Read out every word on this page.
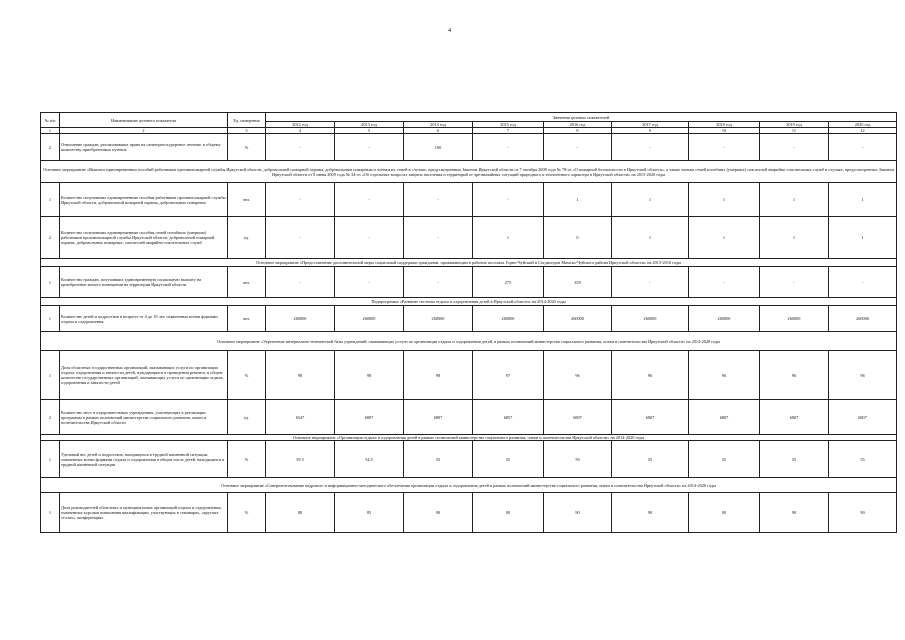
4
№ п/п	Наименование целевого показателя	Ед. измерения	Значения целевых показателей								
			2012 год	2013 год	2014 год	2015 год	2016 год	2017 год	2018 год	2019 год	2020 год
1	2	3	4	5	6	7	8	9	10	11	12
2	Отношение граждан, реализовавших право на санаторно-курортное лечение, к общему количеству приобретенных путевок	%	-	-	100	-	-	-	-	-	-
Основное мероприятие «Выплата единовременных пособий работникам противопожарной службы Иркутской области, добровольной пожарной охраны, добровольным пожарным и членам их семей в случаях, предусмотренных Законом Иркутской области от 7 октября 2008 года № 78-оз «О пожарной безопасности в Иркутской области», а также членам семей погибших (умерших) спасателей аварийно-спасательных служб в случаях, предусмотренных Законом Иркутской области от 8 июня 2009 года № 34-оз «Об отдельных вопросах защиты населения и территорий от чрезвычайных ситуаций природного и техногенного характера в Иркутской области» на 2015-2020 годы											
1	Количество получивших единовременные пособия работников противопожарной службы Иркутской области, добровольной пожарной охраны, добровольных пожарных	чел.	-	-	-	-	1	1	1	1	1
2	Количество получивших единовременные пособия семей погибших (умерших) работников противопожарной службы Иркутской области, добровольной пожарной охраны, добровольных пожарных, спасателей аварийно-спасательных служб	ед.	-	-	-	1	0	1	1	1	1
Основное мероприятие «Предоставление дополнительной меры социальной поддержки гражданам, проживающим в рабочих поселках Горно-Чуйский и Согдиондон Мамско-Чуйского района Иркутской области» на 2015-2016 годы											
1	Количество граждан, получивших единовременную социальную выплату на приобретение жилого помещения на территории Иркутской области	чел.	-	-	-	275	359	-	-	-	-
Подпрограмма «Развитие системы отдыха и оздоровления детей в Иркутской области» на 2014-2020 годы											
1	Количество детей и подростков в возрасте от 4 до 18 лет, охваченных всеми формами отдыха и оздоровления	чел.	260000	260000	260000	260000	260000	260000	260000	260000	260000
Основное мероприятие «Укрепление материально-технической базы учреждений, оказывающих услуги по организации отдыха и оздоровления детей, в рамках полномочий министерства социального развития, опеки и попечительства Иркутской области» на 2014-2020 годы											
1	Доля областных государственных организаций, оказывающих услуги по организации отдыха, оздоровления и занятости детей, нуждающихся в проведении ремонта, в общем количестве государственных организаций, оказывающих услуги по организации отдыха, оздоровления и занятости детей	%	98	98	98	97	96	96	96	96	96
2	Количество мест в оздоровительных учреждениях, участвующих в реализации программы в рамках полномочий министерства социального развития, опеки и попечительства Иркутской области	ед.	6547	6807	6807	6857	6807	6807	6807	6807	6807
Основное мероприятие «Организация отдыха и оздоровления детей в рамках полномочий министерства социального развития, опеки и попечительства Иркутской области» на 2014-2020 годы											
1	Удельный вес детей и подростков, находящихся в трудной жизненной ситуации, охваченных всеми формами отдыха и оздоровления в общем числе детей, находящихся в трудной жизненной ситуации	%	59.5	54.5	55	55	59	55	55	55	55
Основное мероприятие «Совершенствование кадрового и информационно-методического обеспечения организации отдыха и оздоровления детей в рамках полномочий министерства социального развития, опеки и попечительства Иркутской области» на 2014-2020 годы											
1	Доля руководителей областных и муниципальных организаций отдыха и оздоровления, охваченных курсами повышения квалификации, участвующих в семинарах, «круглых столах», конференциях	%	80	85	90	90	90	90	90	90	90
